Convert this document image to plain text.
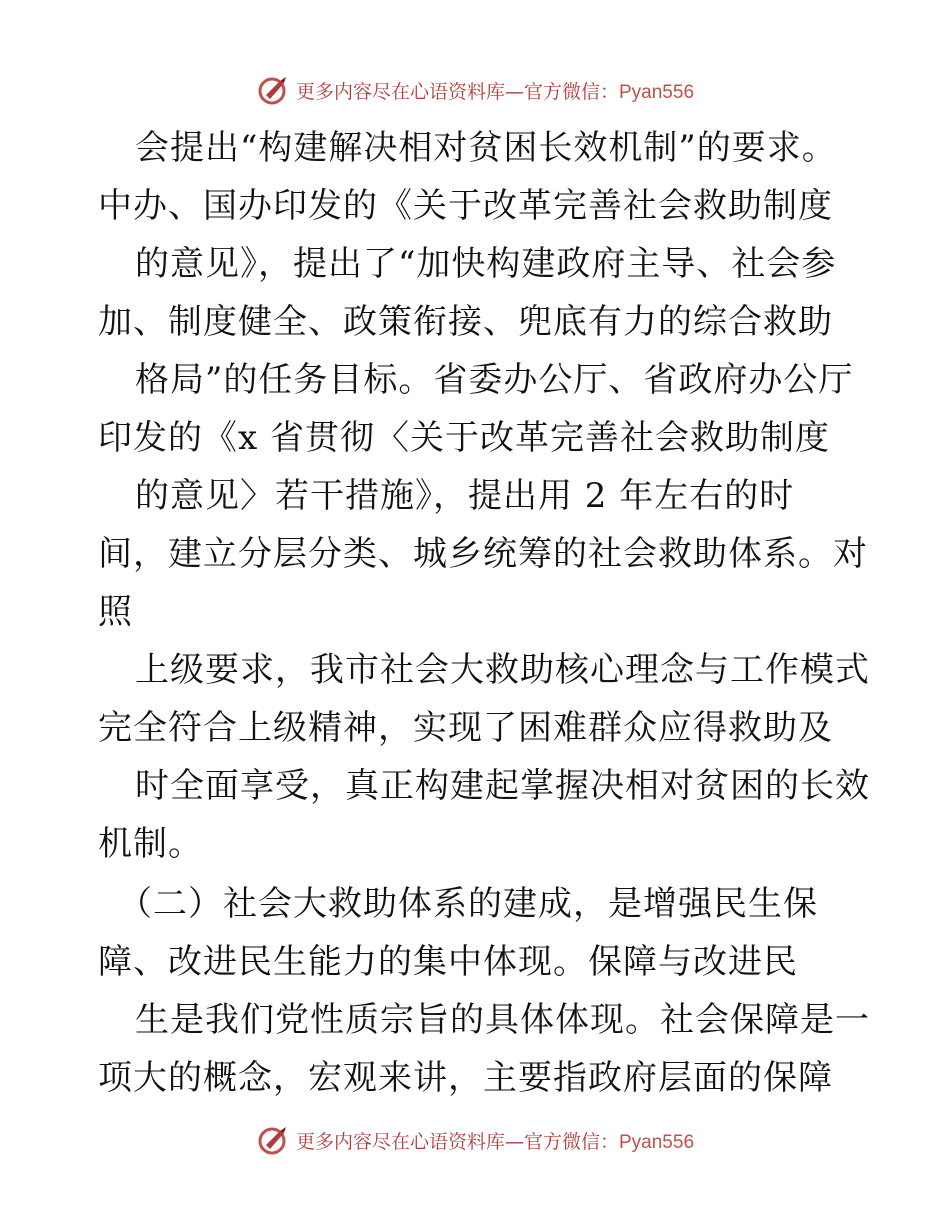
更多内容尽在心语资料库—官方微信：Pyan556
会提出“构建解决相对贫困长效机制”的要求。
中办、国办印发的《关于改革完善社会救助制度
的意见》，提出了“加快构建政府主导、社会参
加、制度健全、政策衔接、兜底有力的综合救助
格局”的任务目标。省委办公厅、省政府办公厅
印发的《x 省贯彻〈关于改革完善社会救助制度
的意见〉若干措施》，提出用 2 年左右的时
间，建立分层分类、城乡统筹的社会救助体系。对
照
上级要求，我市社会大救助核心理念与工作模式
完全符合上级精神，实现了困难群众应得救助及
时全面享受，真正构建起掌握决相对贫困的长效
机制。
（二）社会大救助体系的建成，是增强民生保
障、改进民生能力的集中体现。保障与改进民
生是我们党性质宗旨的具体体现。社会保障是一
项大的概念，宏观来讲，主要指政府层面的保障
更多内容尽在心语资料库—官方微信：Pyan556
